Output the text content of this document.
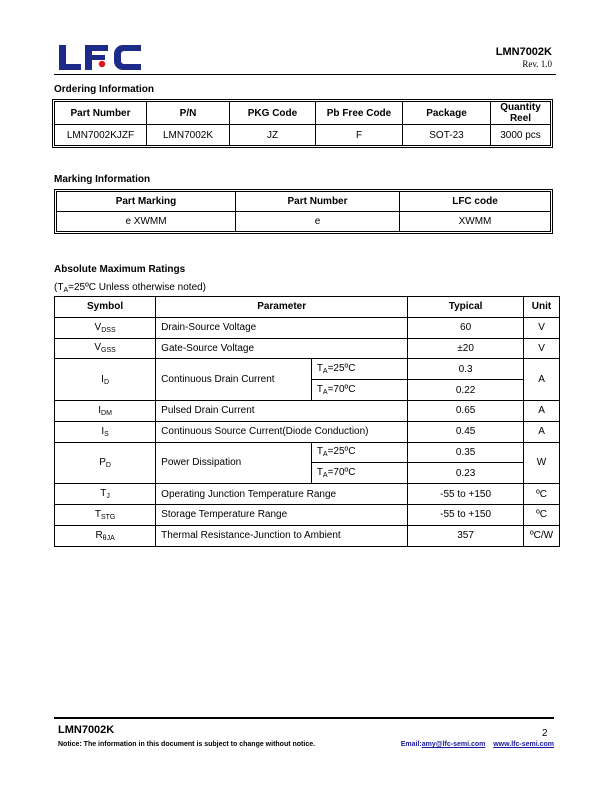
LMN7002K
Rev. 1.0
Ordering Information
Part Number	P/N	PKG Code	Pb Free Code	Package	Quantity Reel
LMN7002KJZF	LMN7002K	JZ	F	SOT-23	3000 pcs
Marking Information
Part Marking	Part Number	LFC code
e XWMM	e	XWMM
Absolute Maximum Ratings
($T_A=25ºC$ Unless otherwise noted)
Symbol	Parameter		Typical	Unit
$V_{DSS}$	Drain-Source Voltage		60	V
$V_{GSS}$	Gate-Source Voltage		±20	V
$I_D$	Continuous Drain Current	$T_A=25ºC$	0.3	A
		$T_A=70ºC$	0.22	
$I_{DM}$	Pulsed Drain Current		0.65	A
$I_S$	Continuous Source Current(Diode Conduction)		0.45	A
$P_D$	Power Dissipation	$T_A=25ºC$	0.35	W
		$T_A=70ºC$	0.23	
$T_J$	Operating Junction Temperature Range		-55 to +150	ºC
$T_{STG}$	Storage Temperature Range		-55 to +150	ºC
$R_{\theta JA}$	Thermal Resistance-Junction to Ambient		357	ºC/W
LMN7002K	2
Notice: The information in this document is subject to change without notice.	Email:amy@lfc-semi.com www.lfc-semi.com
